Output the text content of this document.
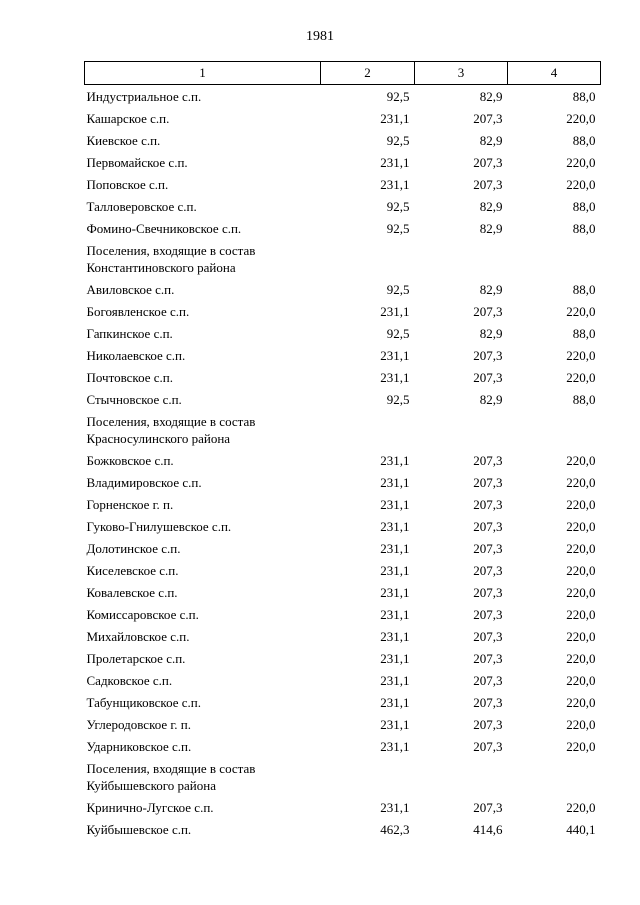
1981
1	2	3	4
Индустриальное с.п.	92,5	82,9	88,0
Кашарское с.п.	231,1	207,3	220,0
Киевское с.п.	92,5	82,9	88,0
Первомайское с.п.	231,1	207,3	220,0
Поповское с.п.	231,1	207,3	220,0
Талловеровское с.п.	92,5	82,9	88,0
Фомино-Свечниковское с.п.	92,5	82,9	88,0

Поселения, входящие в состав
Константиновского района			

Авиловское с.п.	92,5	82,9	88,0
Богоявленское с.п.	231,1	207,3	220,0
Гапкинское с.п.	92,5	82,9	88,0
Николаевское с.п.	231,1	207,3	220,0
Почтовское с.п.	231,1	207,3	220,0
Стычновское с.п.	92,5	82,9	88,0

Поселения, входящие в состав
Красносулинского района			

Божковское с.п.	231,1	207,3	220,0
Владимировское с.п.	231,1	207,3	220,0
Горненское г. п.	231,1	207,3	220,0
Гуково-Гнилушевское с.п.	231,1	207,3	220,0
Долотинское с.п.	231,1	207,3	220,0
Киселевское с.п.	231,1	207,3	220,0
Ковалевское с.п.	231,1	207,3	220,0
Комиссаровское с.п.	231,1	207,3	220,0
Михайловское с.п.	231,1	207,3	220,0
Пролетарское с.п.	231,1	207,3	220,0
Садковское с.п.	231,1	207,3	220,0
Табунщиковское с.п.	231,1	207,3	220,0
Углеродовское г. п.	231,1	207,3	220,0
Ударниковское с.п.	231,1	207,3	220,0

Поселения, входящие в состав
Куйбышевского района			

Кринично-Лугское с.п.	231,1	207,3	220,0
Куйбышевское с.п.	462,3	414,6	440,1
